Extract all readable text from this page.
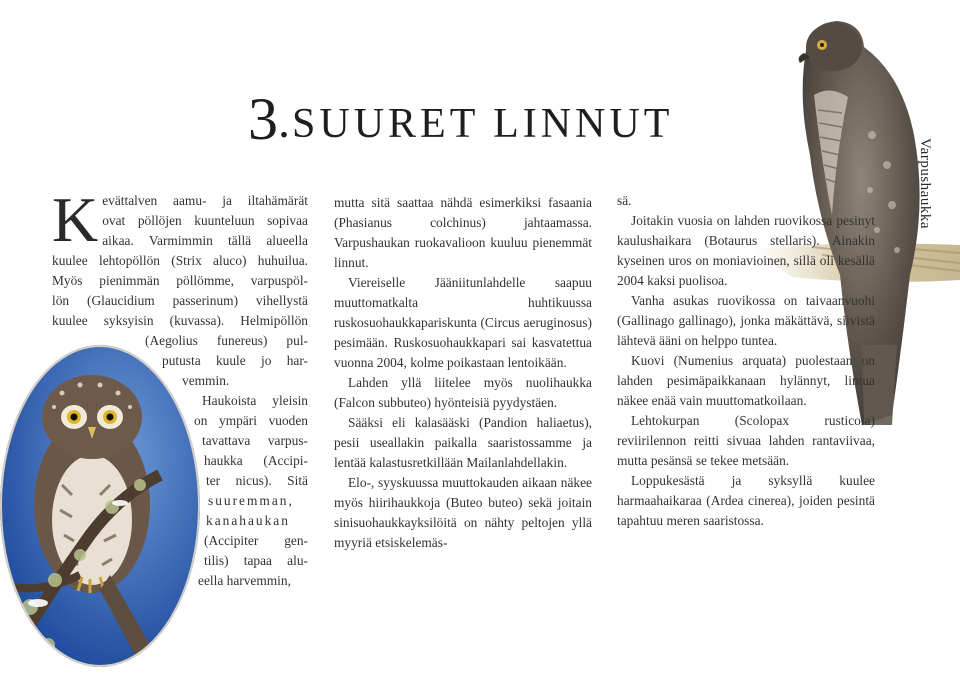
3 . SUURET LINNUT
Varpushaukka
K evättalven aamu- ja iltahämärät
ovat pöllöjen kuunteluun sopivaa
aikaa. Varmimmin tällä alueella
kuulee lehtopöllön (Strix aluco) huhuilua.
Myös pienimmän pöllömme, varpuspöl-
lön (Glaucidium passerinum) vihellystä
kuulee syksyisin (kuvassa). Helmipöllön
(Aegolius funereus) pul-
putusta kuule jo har-
vemmin.
Haukoista yleisin
on ympäri vuoden
tavattava varpus-
haukka (Accipi-
ter nicus). Sitä
suuremman,
kanahaukan
(Accipiter gen-
tilis) tapaa alu-
eella harvemmin,

mutta sitä saattaa nähdä esimerkiksi fasaania (Phasianus colchinus) jahtaamassa. Varpushaukan ruokavalioon kuuluu pienemmät linnut.

Viereiselle Jääniitunlahdelle saapuu muuttomatkalta huhtikuussa ruskosuohaukkapariskunta (Circus aeruginosus) pesimään. Ruskosuohaukkapari sai kasvatettua vuonna 2004, kolme poikastaan lentoikään.

Lahden yllä liitelee myös nuolihaukka (Falcon subbuteo) hyönteisiä pyydystäen.

Sääksi eli kalasääski (Pandion haliaetus), pesii useallakin paikalla saaristossamme ja lentää kalastusretkillään Mailanlahdellakin.

Elo-, syyskuussa muuttokauden aikaan näkee myös hiirihaukkoja (Buteo buteo) sekä joitain sinisuohaukkayksilöitä on nähty peltojen yllä myyriä etsiskelemäs-

sä.

Joitakin vuosia on lahden ruovikossa pesinyt kaulushaikara (Botaurus stellaris). Ainakin kyseinen uros on moniavioinen, sillä oli kesällä 2004 kaksi puolisoa.

Vanha asukas ruovikossa on taivaanvuohi (Gallinago gallinago), jonka mäkättävä, siivistä lähtevä ääni on helppo tuntea.

Kuovi (Numenius arquata) puolestaan on lahden pesimäpaikkanaan hylännyt, lintua näkee enää vain muuttomatkoilaan.

Lehtokurpan (Scolopax rusticola) reviirilennon reitti sivuaa lahden rantaviivaa, mutta pesänsä se tekee metsään.

Loppukesästä ja syksyllä kuulee harmaahaikaraa (Ardea cinerea), joiden pesintä tapahtuu meren saaristossa.
